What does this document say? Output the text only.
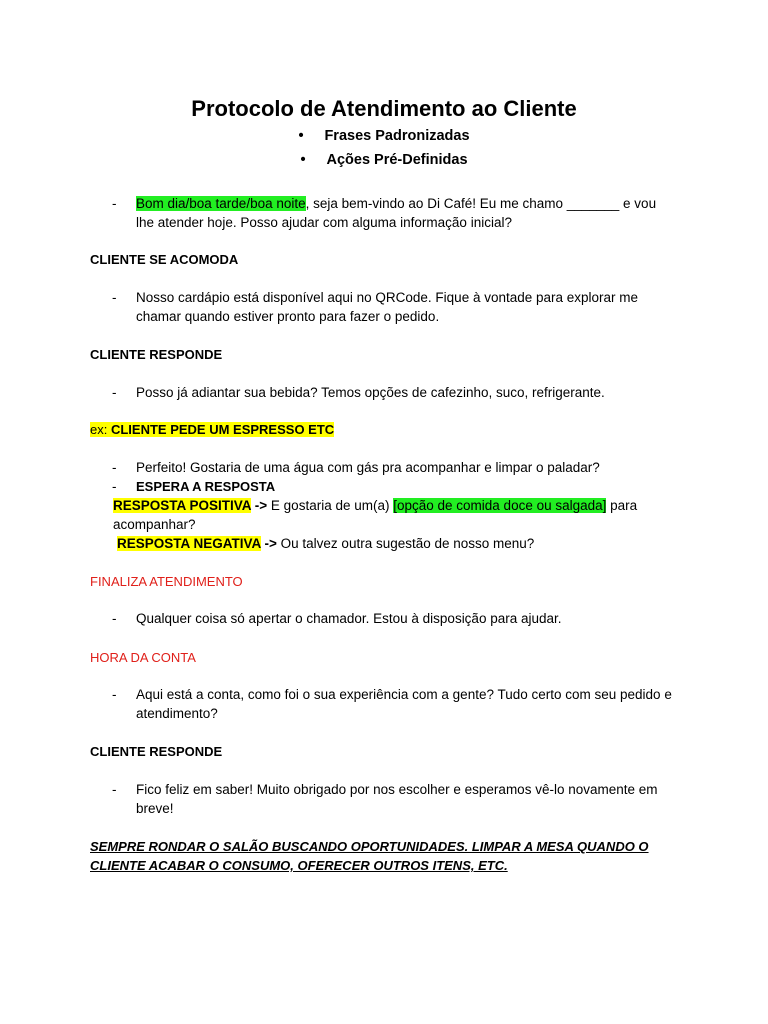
Protocolo de Atendimento ao Cliente
• Frases Padronizadas
• Ações Pré-Definidas
- Bom dia/boa tarde/boa noite, seja bem-vindo ao Di Café! Eu me chamo _______ e vou
lhe atender hoje. Posso ajudar com alguma informação inicial?
CLIENTE SE ACOMODA
- Nosso cardápio está disponível aqui no QRCode. Fique à vontade para explorar me
chamar quando estiver pronto para fazer o pedido.
CLIENTE RESPONDE
- Posso já adiantar sua bebida? Temos opções de cafezinho, suco, refrigerante.
ex: CLIENTE PEDE UM ESPRESSO ETC
- Perfeito! Gostaria de uma água com gás pra acompanhar e limpar o paladar?
- ESPERA A RESPOSTA
RESPOSTA POSITIVA -> E gostaria de um(a) [opção de comida doce ou salgada] para
acompanhar?
RESPOSTA NEGATIVA -> Ou talvez outra sugestão de nosso menu?
FINALIZA ATENDIMENTO
- Qualquer coisa só apertar o chamador. Estou à disposição para ajudar.
HORA DA CONTA
- Aqui está a conta, como foi o sua experiência com a gente? Tudo certo com seu pedido e
atendimento?
CLIENTE RESPONDE
- Fico feliz em saber! Muito obrigado por nos escolher e esperamos vê-lo novamente em
breve!
SEMPRE RONDAR O SALÃO BUSCANDO OPORTUNIDADES. LIMPAR A MESA QUANDO O
CLIENTE ACABAR O CONSUMO, OFERECER OUTROS ITENS, ETC.
